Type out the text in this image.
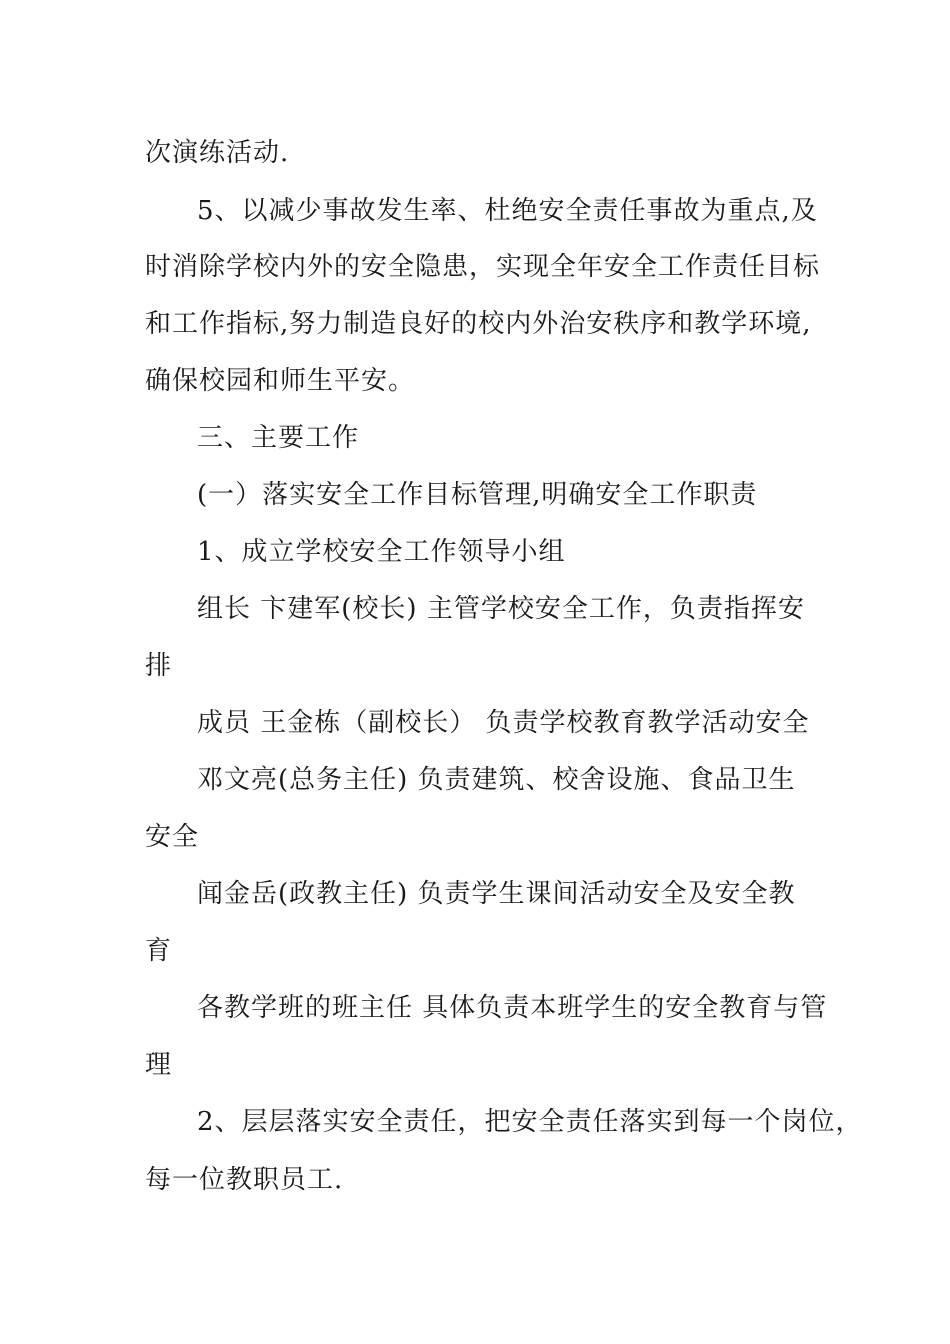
次演练活动.
5、以减少事故发生率、杜绝安全责任事故为重点,及
时消除学校内外的安全隐患，实现全年安全工作责任目标
和工作指标,努力制造良好的校内外治安秩序和教学环境,
确保校园和师生平安。
三、主要工作
(一）落实安全工作目标管理,明确安全工作职责
1、成立学校安全工作领导小组
组长 卞建军(校长) 主管学校安全工作，负责指挥安
排
成员 王金栋（副校长） 负责学校教育教学活动安全
邓文亮(总务主任) 负责建筑、校舍设施、食品卫生
安全
闻金岳(政教主任) 负责学生课间活动安全及安全教
育
各教学班的班主任 具体负责本班学生的安全教育与管
理
2、层层落实安全责任，把安全责任落实到每一个岗位，
每一位教职员工.
